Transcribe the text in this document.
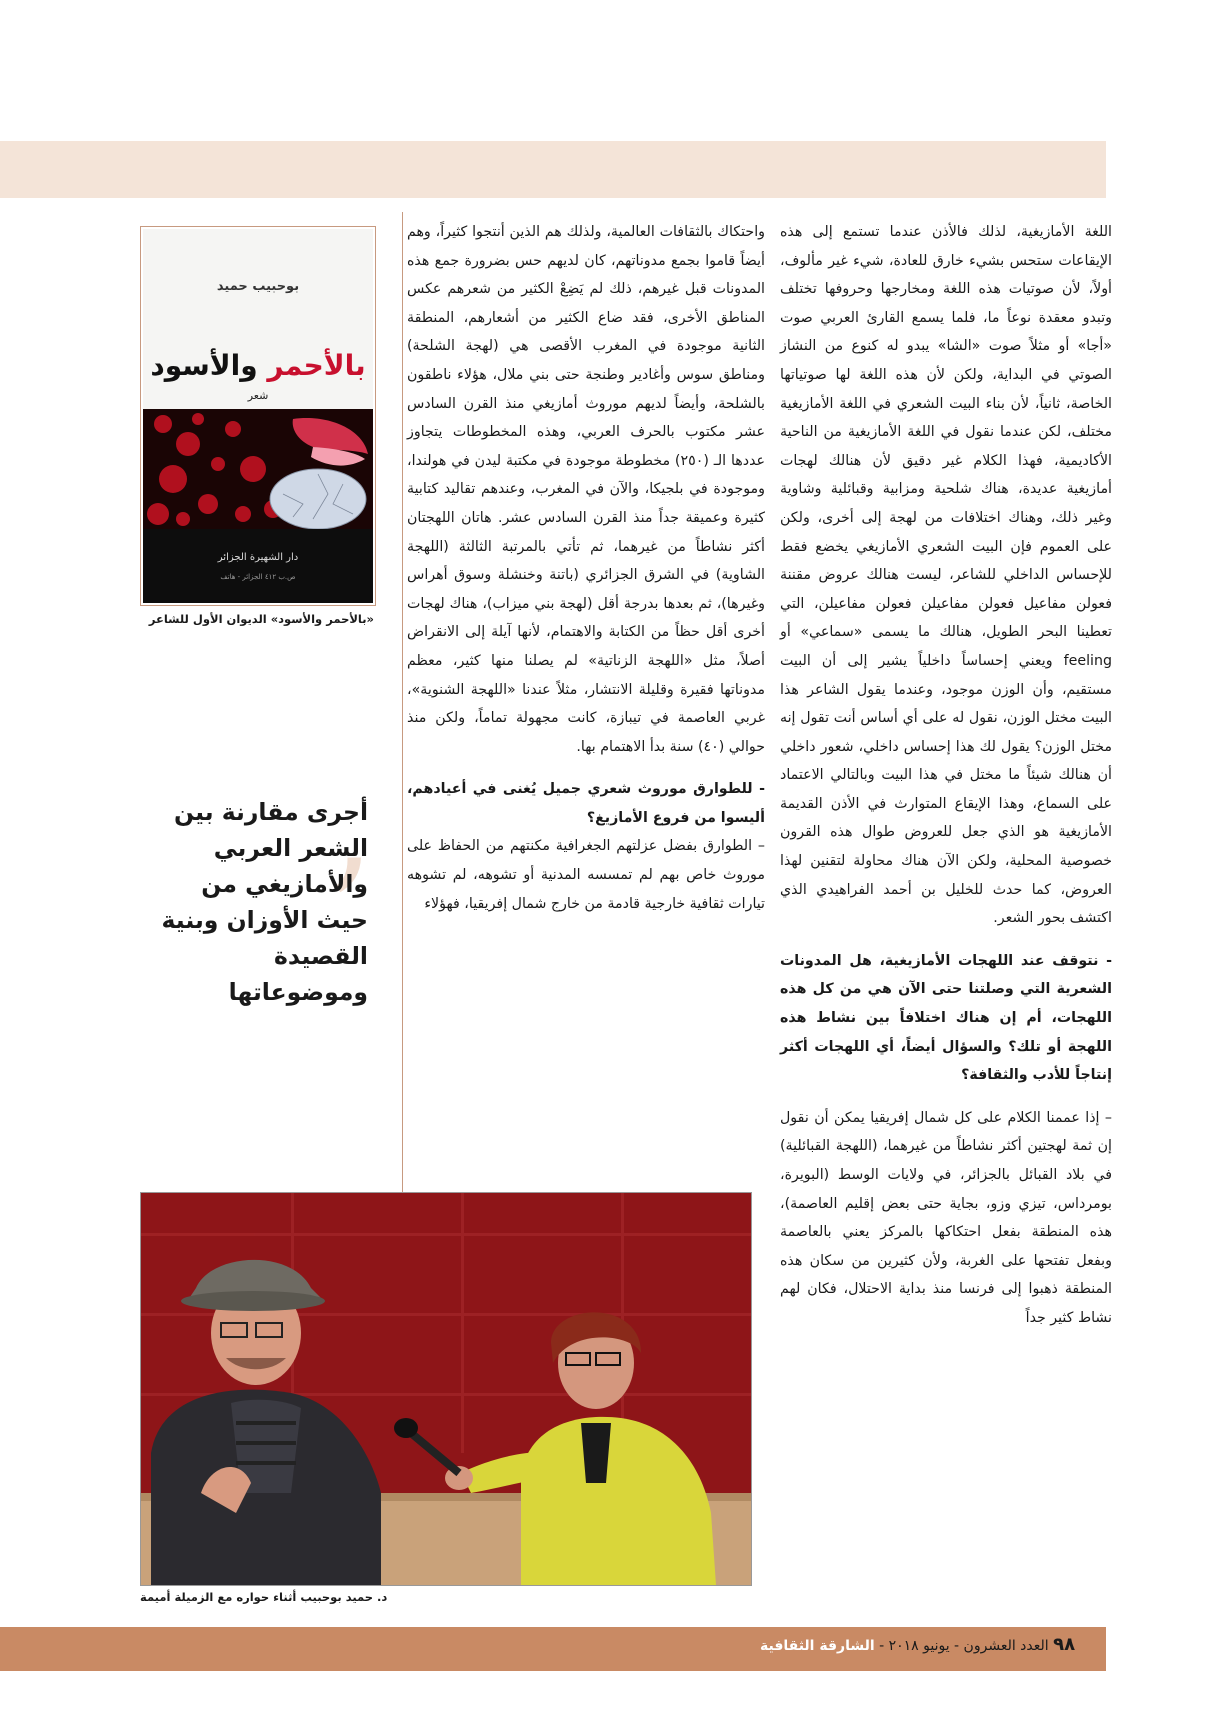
اللغة الأمازيغية، لذلك فالأذن عندما تستمع إلى هذه الإيقاعات ستحس بشيء خارق للعادة، شيء غير مألوف، أولاً، لأن صوتيات هذه اللغة ومخارجها وحروفها تختلف وتبدو معقدة نوعاً ما، فلما يسمع القارئ العربي صوت «أجا» أو مثلاً صوت «الشا» يبدو له كنوع من النشاز الصوتي في البداية، ولكن لأن هذه اللغة لها صوتياتها الخاصة، ثانياً، لأن بناء البيت الشعري في اللغة الأمازيغية مختلف، لكن عندما نقول في اللغة الأمازيغية من الناحية الأكاديمية، فهذا الكلام غير دقيق لأن هنالك لهجات أمازيغية عديدة، هناك شلحية ومزابية وقبائلية وشاوية وغير ذلك، وهناك اختلافات من لهجة إلى أخرى، ولكن على العموم فإن البيت الشعري الأمازيغي يخضع فقط للإحساس الداخلي للشاعر، ليست هنالك عروض مقننة فعولن مفاعيل فعولن مفاعيلن فعولن مفاعيلن، التي تعطينا البحر الطويل، هنالك ما يسمى «سماعي» أو feeling ويعني إحساساً داخلياً يشير إلى أن البيت مستقيم، وأن الوزن موجود، وعندما يقول الشاعر هذا البيت مختل الوزن، نقول له على أي أساس أنت تقول إنه مختل الوزن؟ يقول لك هذا إحساس داخلي، شعور داخلي أن هنالك شيئاً ما مختل في هذا البيت وبالتالي الاعتماد على السماع، وهذا الإيقاع المتوارث في الأذن القديمة الأمازيغية هو الذي جعل للعروض طوال هذه القرون خصوصية المحلية، ولكن الآن هناك محاولة لتقنين لهذا العروض، كما حدث للخليل بن أحمد الفراهيدي الذي اكتشف بحور الشعر.

- نتوقف عند اللهجات الأمازيغية، هل المدونات الشعرية التي وصلتنا حتى الآن هي من كل هذه اللهجات، أم إن هناك اختلافاً بين نشاط هذه اللهجة أو تلك؟ والسؤال أيضاً، أي اللهجات أكثر إنتاجاً للأدب والثقافة؟

– إذا عممنا الكلام على كل شمال إفريقيا يمكن أن نقول إن ثمة لهجتين أكثر نشاطاً من غيرهما، (اللهجة القبائلية) في بلاد القبائل بالجزائر، في ولايات الوسط (البويرة، بومرداس، تيزي وزو، بجاية حتى بعض إقليم العاصمة)، هذه المنطقة بفعل احتكاكها بالمركز يعني بالعاصمة وبفعل تفتحها على الغربة، ولأن كثيرين من سكان هذه المنطقة ذهبوا إلى فرنسا منذ بداية الاحتلال، فكان لهم نشاط كثير جداً

واحتكاك بالثقافات العالمية، ولذلك هم الذين أنتجوا كثيراً، وهم أيضاً قاموا بجمع مدوناتهم، كان لديهم حس بضرورة جمع هذه المدونات قبل غيرهم، ذلك لم يَضِعْ الكثير من شعرهم عكس المناطق الأخرى، فقد ضاع الكثير من أشعارهم، المنطقة الثانية موجودة في المغرب الأقصى هي (لهجة الشلحة) ومناطق سوس وأغادير وطنجة حتى بني ملال، هؤلاء ناطقون بالشلحة، وأيضاً لديهم موروث أمازيغي منذ القرن السادس عشر مكتوب بالحرف العربي، وهذه المخطوطات يتجاوز عددها الـ (٢٥٠) مخطوطة موجودة في مكتبة ليدن في هولندا، وموجودة في بلجيكا، والآن في المغرب، وعندهم تقاليد كتابية كثيرة وعميقة جداً منذ القرن السادس عشر. هاتان اللهجتان أكثر نشاطاً من غيرهما، ثم تأتي بالمرتبة الثالثة (اللهجة الشاوية) في الشرق الجزائري (باتنة وخنشلة وسوق أهراس وغيرها)، ثم بعدها بدرجة أقل (لهجة بني ميزاب)، هناك لهجات أخرى أقل حظاً من الكتابة والاهتمام، لأنها آيلة إلى الانقراض أصلاً، مثل «اللهجة الزناتية» لم يصلنا منها كثير، معظم مدوناتها فقيرة وقليلة الانتشار، مثلاً عندنا «اللهجة الشنوية»، غربي العاصمة في تيبازة، كانت مجهولة تماماً، ولكن منذ حوالي (٤٠) سنة بدأ الاهتمام بها.

- للطوارق موروث شعري جميل يُغنى في أعيادهم، أليسوا من فروع الأمازيغ؟

– الطوارق بفضل عزلتهم الجغرافية مكنتهم من الحفاظ على موروث خاص بهم لم تمسسه المدنية أو تشوهه، لم تشوهه تيارات ثقافية خارجية قادمة من خارج شمال إفريقيا، فهؤلاء

بوحبيب حميد
بالأحمر والأسود
شعر
دار الشهيرة الجزائر
ص.ب ٤١٢ الجزائر - هاتف
«بالأحمر والأسود» الديوان الأول للشاعر
,
أجرى مقارنة بين الشعر العربي والأمازيغي من حيث الأوزان وبنية القصيدة وموضوعاتها
د. حميد بوحبيب أثناء حواره مع الزميلة أميمة
٩٨ العدد العشرون - يونيو ٢٠١٨ - الشارقة الثقافية
